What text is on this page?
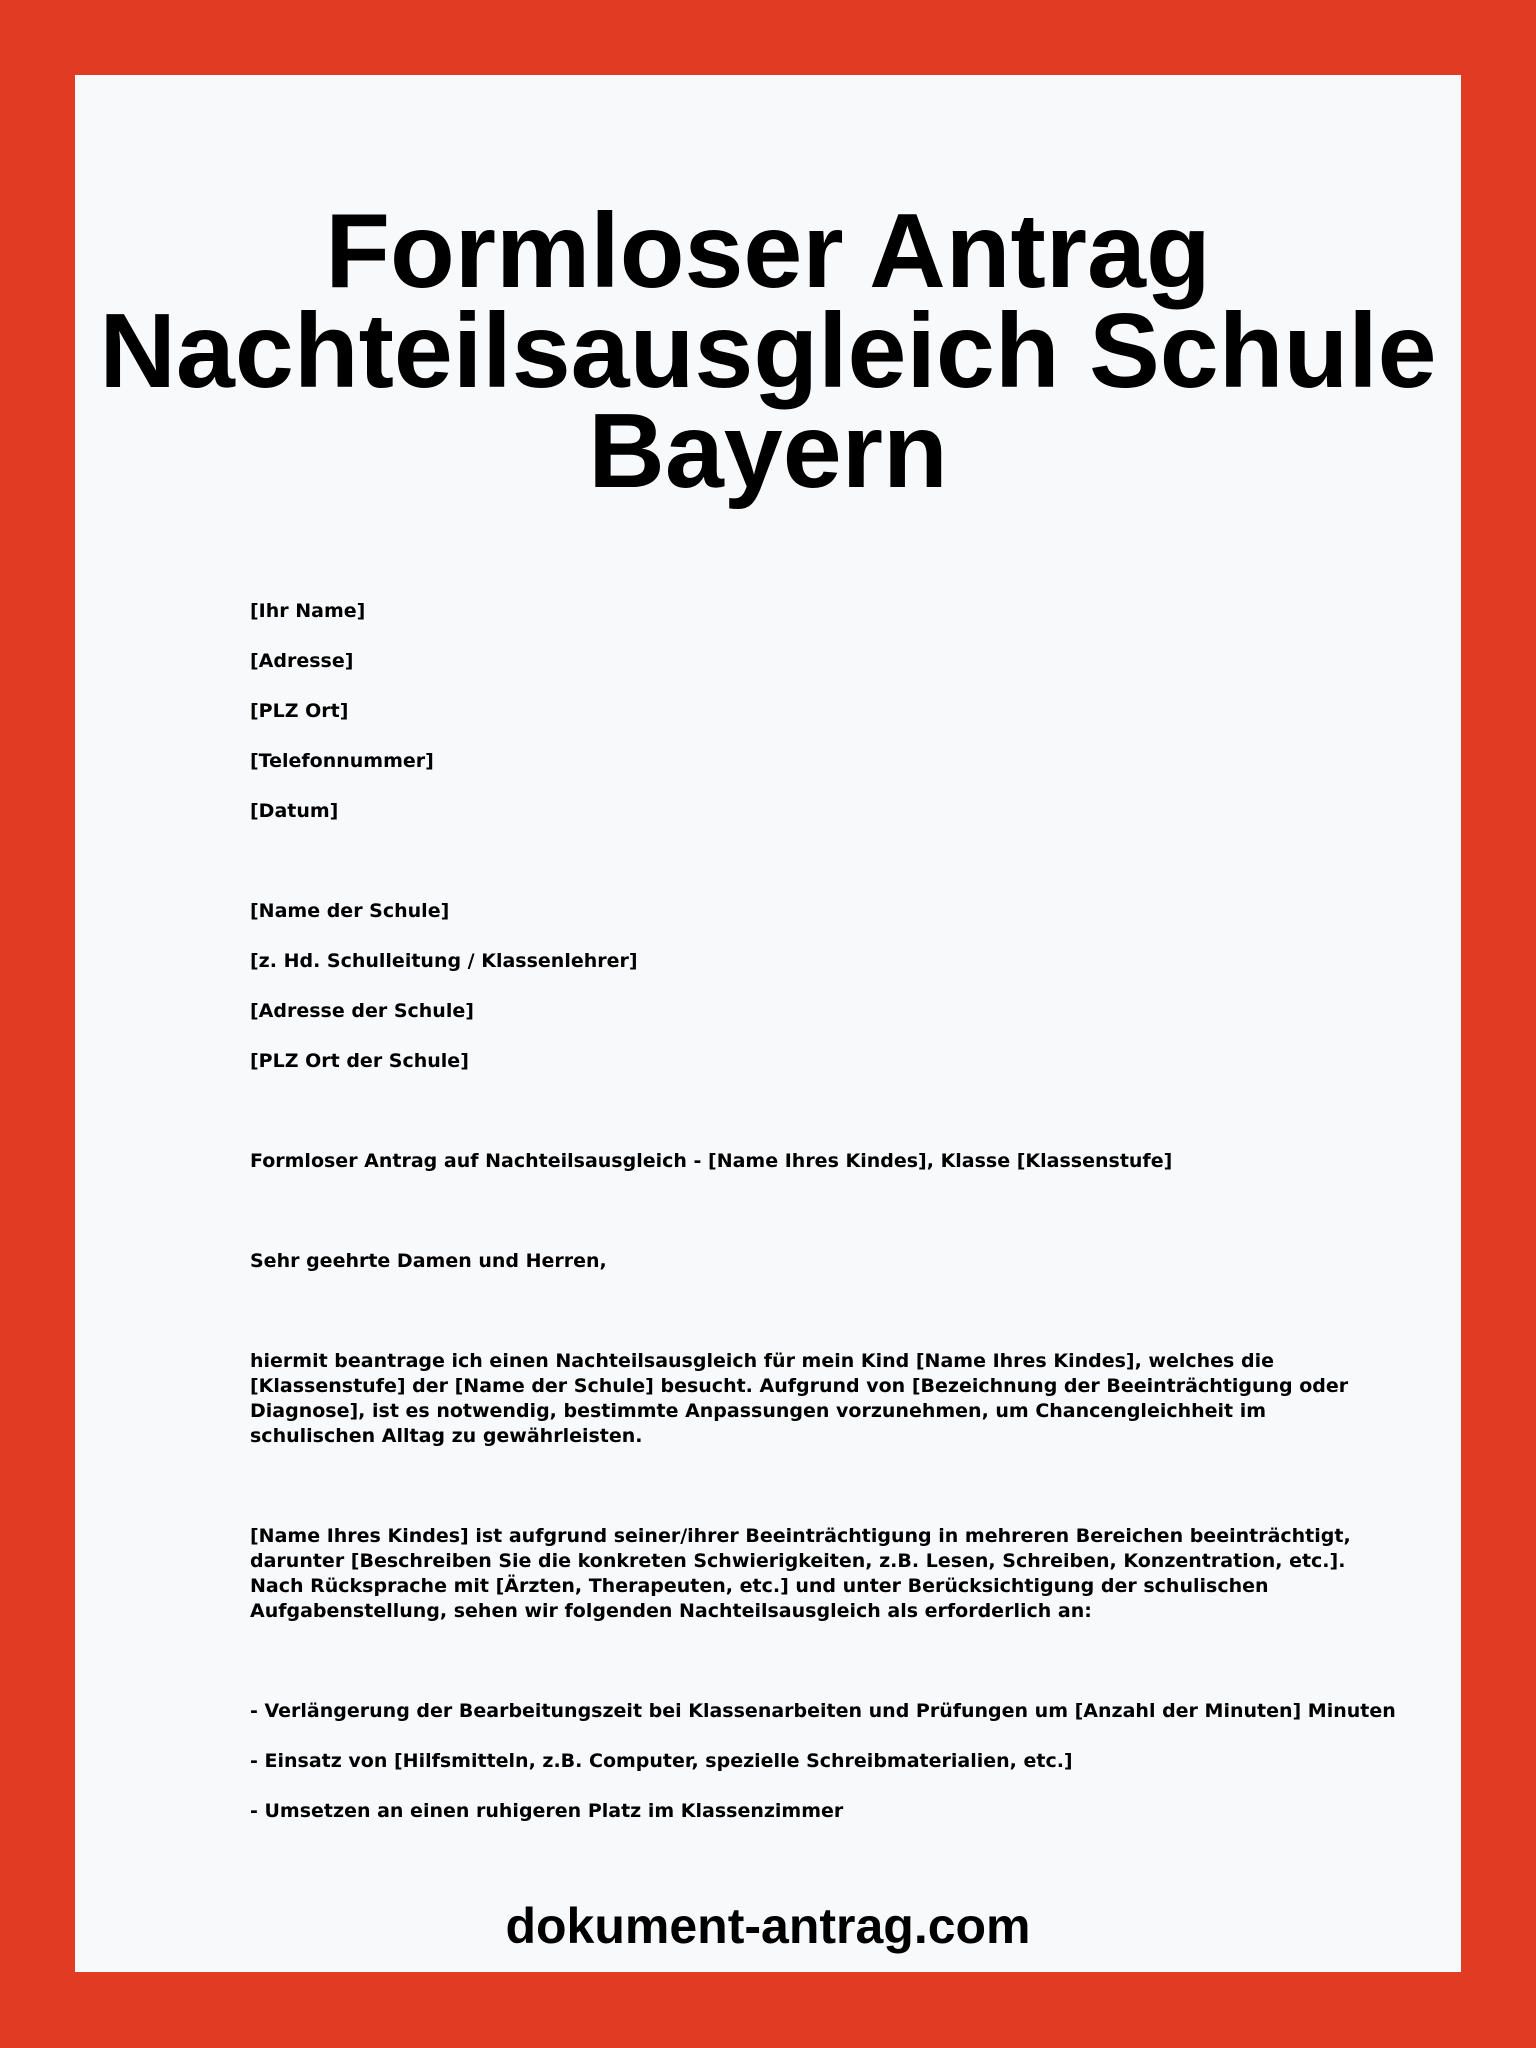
Formloser Antrag
Nachteilsausgleich Schule
Bayern
[Ihr Name]
[Adresse]
[PLZ Ort]
[Telefonnummer]
[Datum]
[Name der Schule]
[z. Hd. Schulleitung / Klassenlehrer]
[Adresse der Schule]
[PLZ Ort der Schule]
Formloser Antrag auf Nachteilsausgleich - [Name Ihres Kindes], Klasse [Klassenstufe]
Sehr geehrte Damen und Herren,
hiermit beantrage ich einen Nachteilsausgleich für mein Kind [Name Ihres Kindes], welches die [Klassenstufe] der [Name der Schule] besucht. Aufgrund von [Bezeichnung der Beeinträchtigung oder Diagnose], ist es notwendig, bestimmte Anpassungen vorzunehmen, um Chancengleichheit im schulischen Alltag zu gewährleisten.
[Name Ihres Kindes] ist aufgrund seiner/ihrer Beeinträchtigung in mehreren Bereichen beeinträchtigt, darunter [Beschreiben Sie die konkreten Schwierigkeiten, z.B. Lesen, Schreiben, Konzentration, etc.]. Nach Rücksprache mit [Ärzten, Therapeuten, etc.] und unter Berücksichtigung der schulischen Aufgabenstellung, sehen wir folgenden Nachteilsausgleich als erforderlich an:
- Verlängerung der Bearbeitungszeit bei Klassenarbeiten und Prüfungen um [Anzahl der Minuten] Minuten
- Einsatz von [Hilfsmitteln, z.B. Computer, spezielle Schreibmaterialien, etc.]
- Umsetzen an einen ruhigeren Platz im Klassenzimmer
dokument-antrag.com
